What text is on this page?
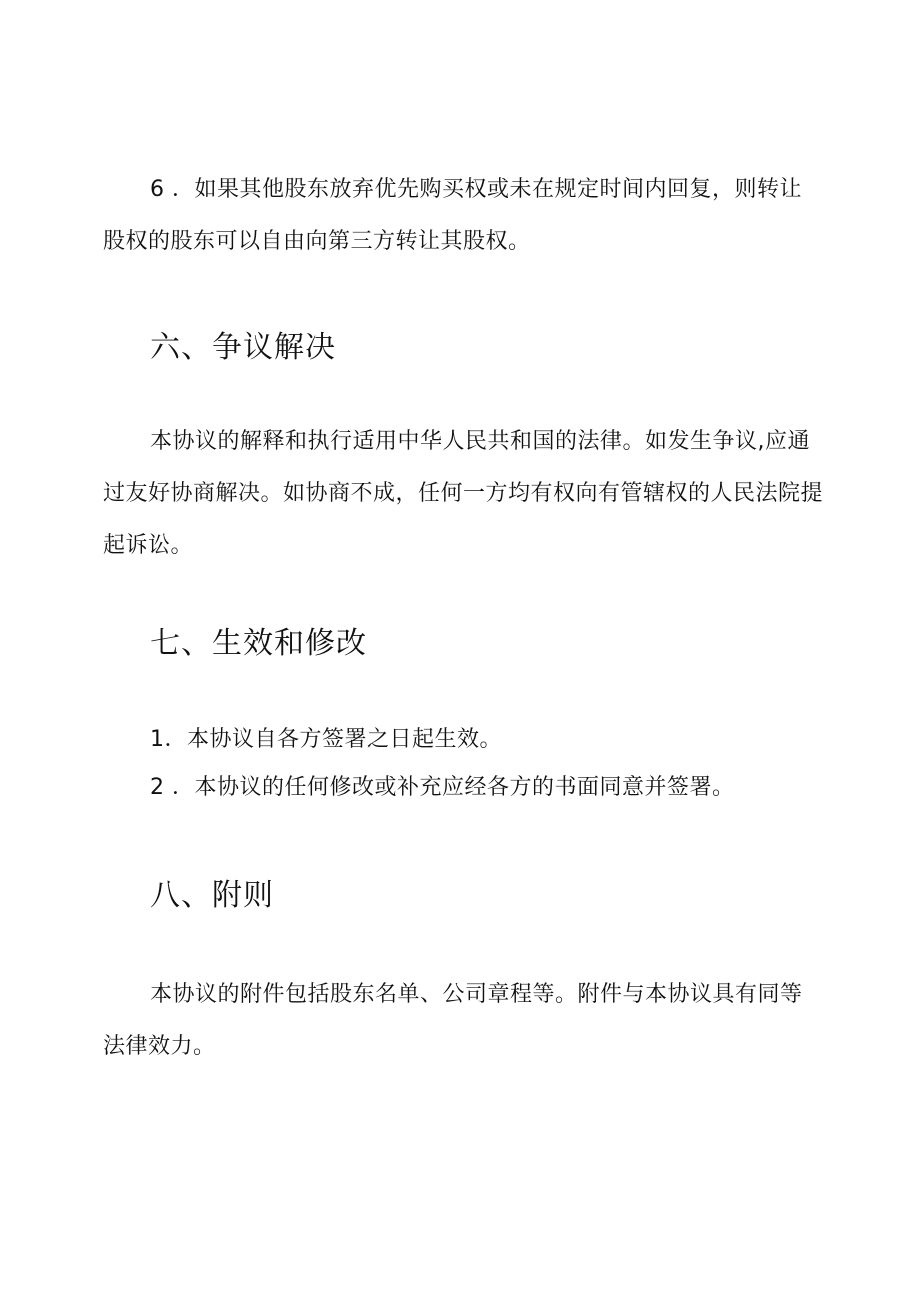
6 ．如果其他股东放弃优先购买权或未在规定时间内回复，则转让股权的股东可以自由向第三方转让其股权。

六、争议解决

本协议的解释和执行适用中华人民共和国的法律。如发生争议,应通过友好协商解决。如协商不成，任何一方均有权向有管辖权的人民法院提起诉讼。

七、生效和修改

1．本协议自各方签署之日起生效。

2 ．本协议的任何修改或补充应经各方的书面同意并签署。

八、附则

本协议的附件包括股东名单、公司章程等。附件与本协议具有同等法律效力。
